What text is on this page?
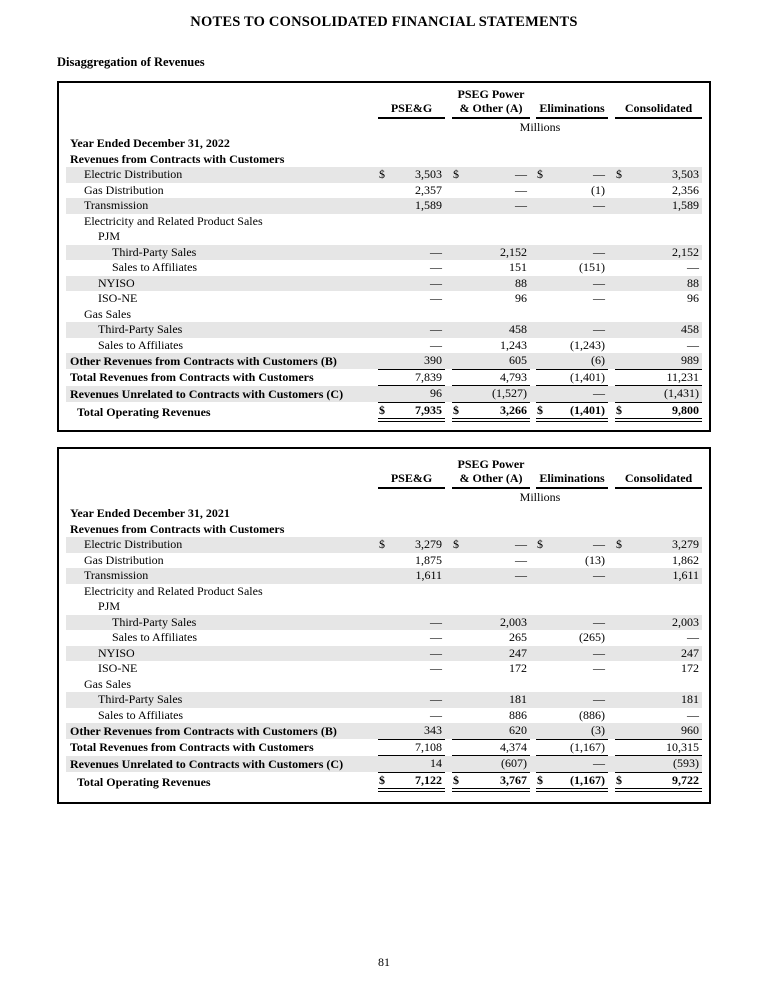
NOTES TO CONSOLIDATED FINANCIAL STATEMENTS
Disaggregation of Revenues

	PSE&G			PSEG Power
& Other (A)			Eliminations			Consolidated	

	Millions										
Year Ended December 31, 2022											
Revenues from Contracts with Customers											
Electric Distribution	$	3,503		$	—		$	—		$	3,503
Gas Distribution		2,357			—			(1)			2,356
Transmission		1,589			—			—			1,589
Electricity and Related Product Sales											
PJM											
Third-Party Sales		—			2,152			—			2,152
Sales to Affiliates		—			151			(151)			—
NYISO		—			88			—			88
ISO-NE		—			96			—			96
Gas Sales											
Third-Party Sales		—			458			—			458
Sales to Affiliates		—			1,243			(1,243)			—
Other Revenues from Contracts with Customers (B)		390			605			(6)			989
Total Revenues from Contracts with Customers		7,839			4,793			(1,401)			11,231
Revenues Unrelated to Contracts with Customers (C)		96			(1,527)			—			(1,431)
Total Operating Revenues	$	7,935		$	3,266		$	(1,401)		$	9,800

	PSE&G			PSEG Power
& Other (A)			Eliminations			Consolidated	

	Millions										
Year Ended December 31, 2021											
Revenues from Contracts with Customers											
Electric Distribution	$	3,279		$	—		$	—		$	3,279
Gas Distribution		1,875			—			(13)			1,862
Transmission		1,611			—			—			1,611
Electricity and Related Product Sales											
PJM											
Third-Party Sales		—			2,003			—			2,003
Sales to Affiliates		—			265			(265)			—
NYISO		—			247			—			247
ISO-NE		—			172			—			172
Gas Sales											
Third-Party Sales		—			181			—			181
Sales to Affiliates		—			886			(886)			—
Other Revenues from Contracts with Customers (B)		343			620			(3)			960
Total Revenues from Contracts with Customers		7,108			4,374			(1,167)			10,315
Revenues Unrelated to Contracts with Customers (C)		14			(607)			—			(593)
Total Operating Revenues	$	7,122		$	3,767		$	(1,167)		$	9,722
81
